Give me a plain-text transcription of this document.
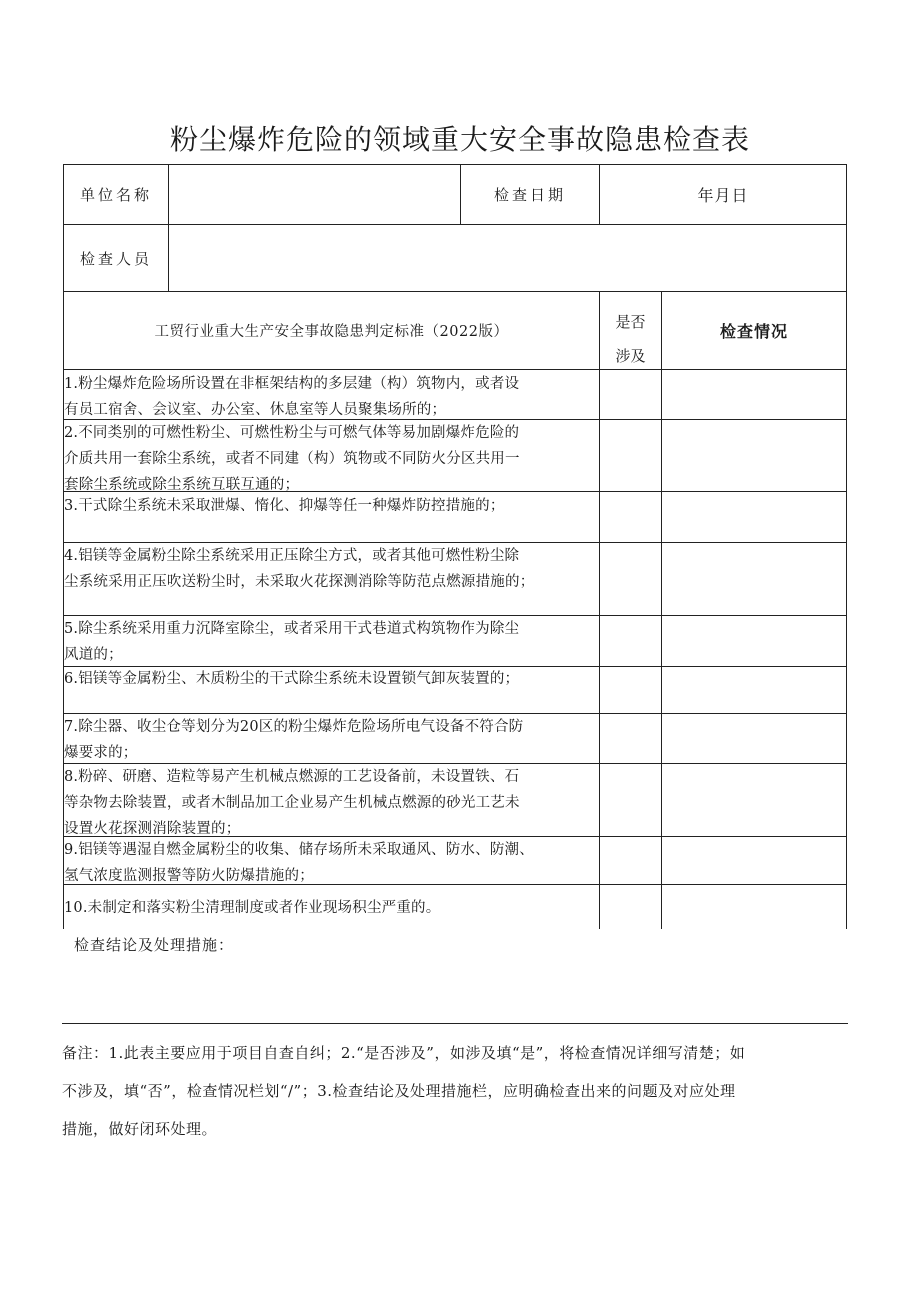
粉尘爆炸危险的领域重大安全事故隐患检查表
单位名称	检查日期	年月日
检查人员
工贸行业重大生产安全事故隐患判定标准（2022版）
是否
涉及
检查情况
1.粉尘爆炸危险场所设置在非框架结构的多层建（构）筑物内，或者设
有员工宿舍、会议室、办公室、休息室等人员聚集场所的；
2.不同类别的可燃性粉尘、可燃性粉尘与可燃气体等易加剧爆炸危险的
介质共用一套除尘系统，或者不同建（构）筑物或不同防火分区共用一
套除尘系统或除尘系统互联互通的；
3.干式除尘系统未采取泄爆、惰化、抑爆等任一种爆炸防控措施的；
4.铝镁等金属粉尘除尘系统采用正压除尘方式，或者其他可燃性粉尘除
尘系统采用正压吹送粉尘时，未采取火花探测消除等防范点燃源措施的；
5.除尘系统采用重力沉降室除尘，或者采用干式巷道式构筑物作为除尘
风道的；
6.铝镁等金属粉尘、木质粉尘的干式除尘系统未设置锁气卸灰装置的；
7.除尘器、收尘仓等划分为20区的粉尘爆炸危险场所电气设备不符合防
爆要求的；
8.粉碎、研磨、造粒等易产生机械点燃源的工艺设备前，未设置铁、石
等杂物去除装置，或者木制品加工企业易产生机械点燃源的砂光工艺未
设置火花探测消除装置的；
9.铝镁等遇湿自燃金属粉尘的收集、储存场所未采取通风、防水、防潮、
氢气浓度监测报警等防火防爆措施的；
10.未制定和落实粉尘清理制度或者作业现场积尘严重的。
检查结论及处理措施：
备注：1.此表主要应用于项目自查自纠；2.“是否涉及”，如涉及填“是”，将检查情况详细写清楚；如
不涉及，填“否”，检查情况栏划“/”；3.检查结论及处理措施栏，应明确检查出来的问题及对应处理
措施，做好闭环处理。
